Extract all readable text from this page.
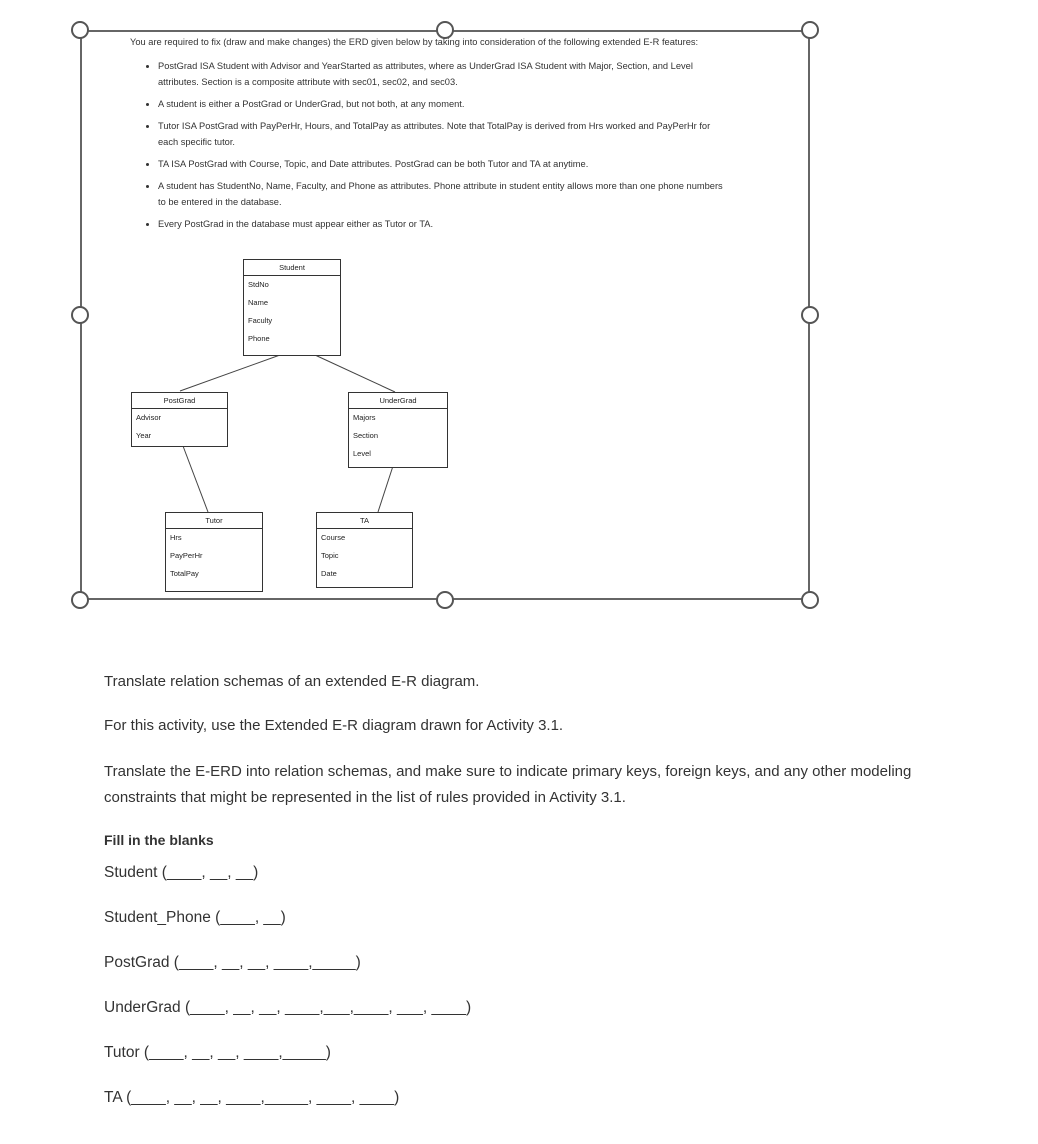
You are required to fix (draw and make changes) the ERD given below by taking into consideration of the following extended E-R features:
• PostGrad ISA Student with Advisor and YearStarted as attributes, where as UnderGrad ISA Student with Major, Section, and Level attributes. Section is a composite attribute with sec01, sec02, and sec03.
• A student is either a PostGrad or UnderGrad, but not both, at any moment.
• Tutor ISA PostGrad with PayPerHr, Hours, and TotalPay as attributes. Note that TotalPay is derived from Hrs worked and PayPerHr for each specific tutor.
• TA ISA PostGrad with Course, Topic, and Date attributes. PostGrad can be both Tutor and TA at anytime.
• A student has StudentNo, Name, Faculty, and Phone as attributes. Phone attribute in student entity allows more than one phone numbers to be entered in the database.
• Every PostGrad in the database must appear either as Tutor or TA.
Student
StdNo
Name
Faculty
Phone
PostGrad
Advisor
Year
UnderGrad
Majors
Section
Level
Tutor
Hrs
PayPerHr
TotalPay
TA
Course
Topic
Date
Translate relation schemas of an extended E-R diagram.
For this activity, use the Extended E-R diagram drawn for Activity 3.1.
Translate the E-ERD into relation schemas, and make sure to indicate primary keys, foreign keys, and any other modeling constraints that might be represented in the list of rules provided in Activity 3.1.
Fill in the blanks
Student (____, __, __)
Student_Phone (____, __)
PostGrad (____, __, __, ____,_____)
UnderGrad (____, __, __, ____,___,____, ___, ____)
Tutor (____, __, __, ____,_____)
TA (____, __, __, ____,_____, ____, ____)
